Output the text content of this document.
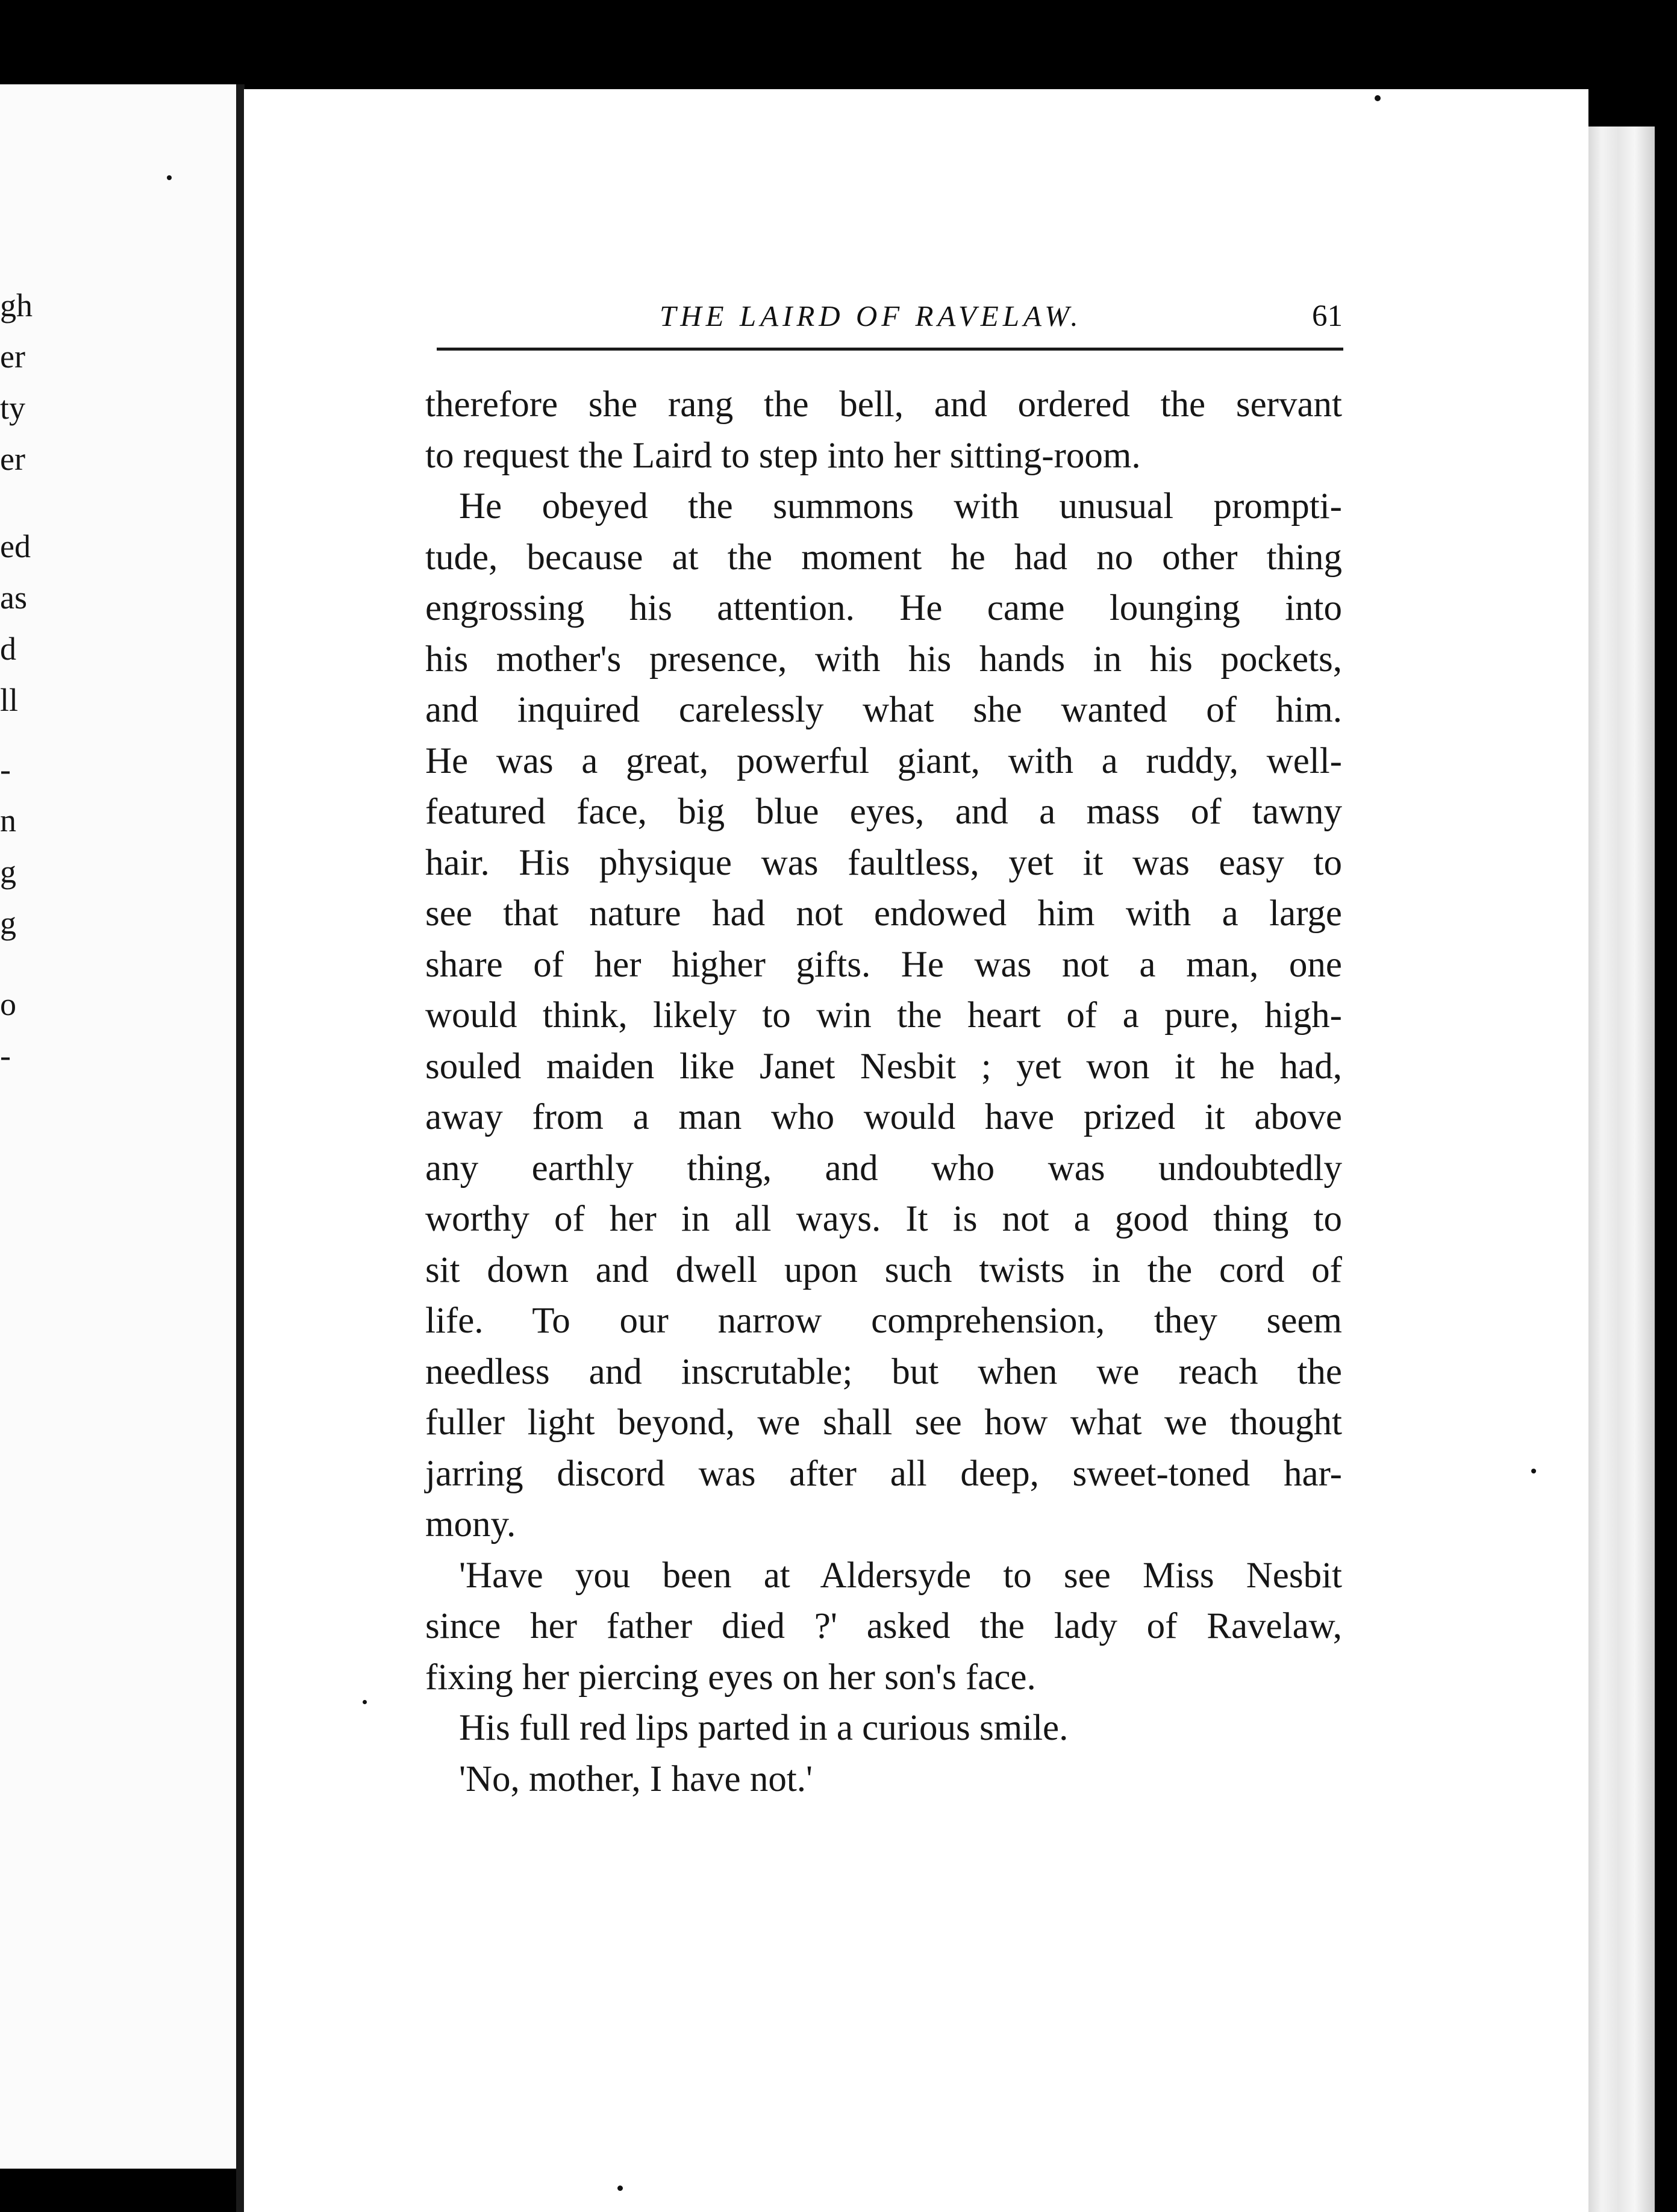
gh
er
ty
er
ed
as
d
ll
-
n
g
g
o
-
THE LAIRD OF RAVELAW.	61
therefore she rang the bell, and ordered the servant
to request the Laird to step into her sitting-room.
He obeyed the summons with unusual prompti-
tude, because at the moment he had no other thing
engrossing his attention. He came lounging into
his mother's presence, with his hands in his pockets,
and inquired carelessly what she wanted of him.
He was a great, powerful giant, with a ruddy, well-
featured face, big blue eyes, and a mass of tawny
hair. His physique was faultless, yet it was easy to
see that nature had not endowed him with a large
share of her higher gifts. He was not a man, one
would think, likely to win the heart of a pure, high-
souled maiden like Janet Nesbit ; yet won it he had,
away from a man who would have prized it above
any earthly thing, and who was undoubtedly
worthy of her in all ways. It is not a good thing to
sit down and dwell upon such twists in the cord of
life. To our narrow comprehension, they seem
needless and inscrutable; but when we reach the
fuller light beyond, we shall see how what we thought
jarring discord was after all deep, sweet-toned har-
mony.
'Have you been at Aldersyde to see Miss Nesbit
since her father died ?' asked the lady of Ravelaw,
fixing her piercing eyes on her son's face.
His full red lips parted in a curious smile.
'No, mother, I have not.'
